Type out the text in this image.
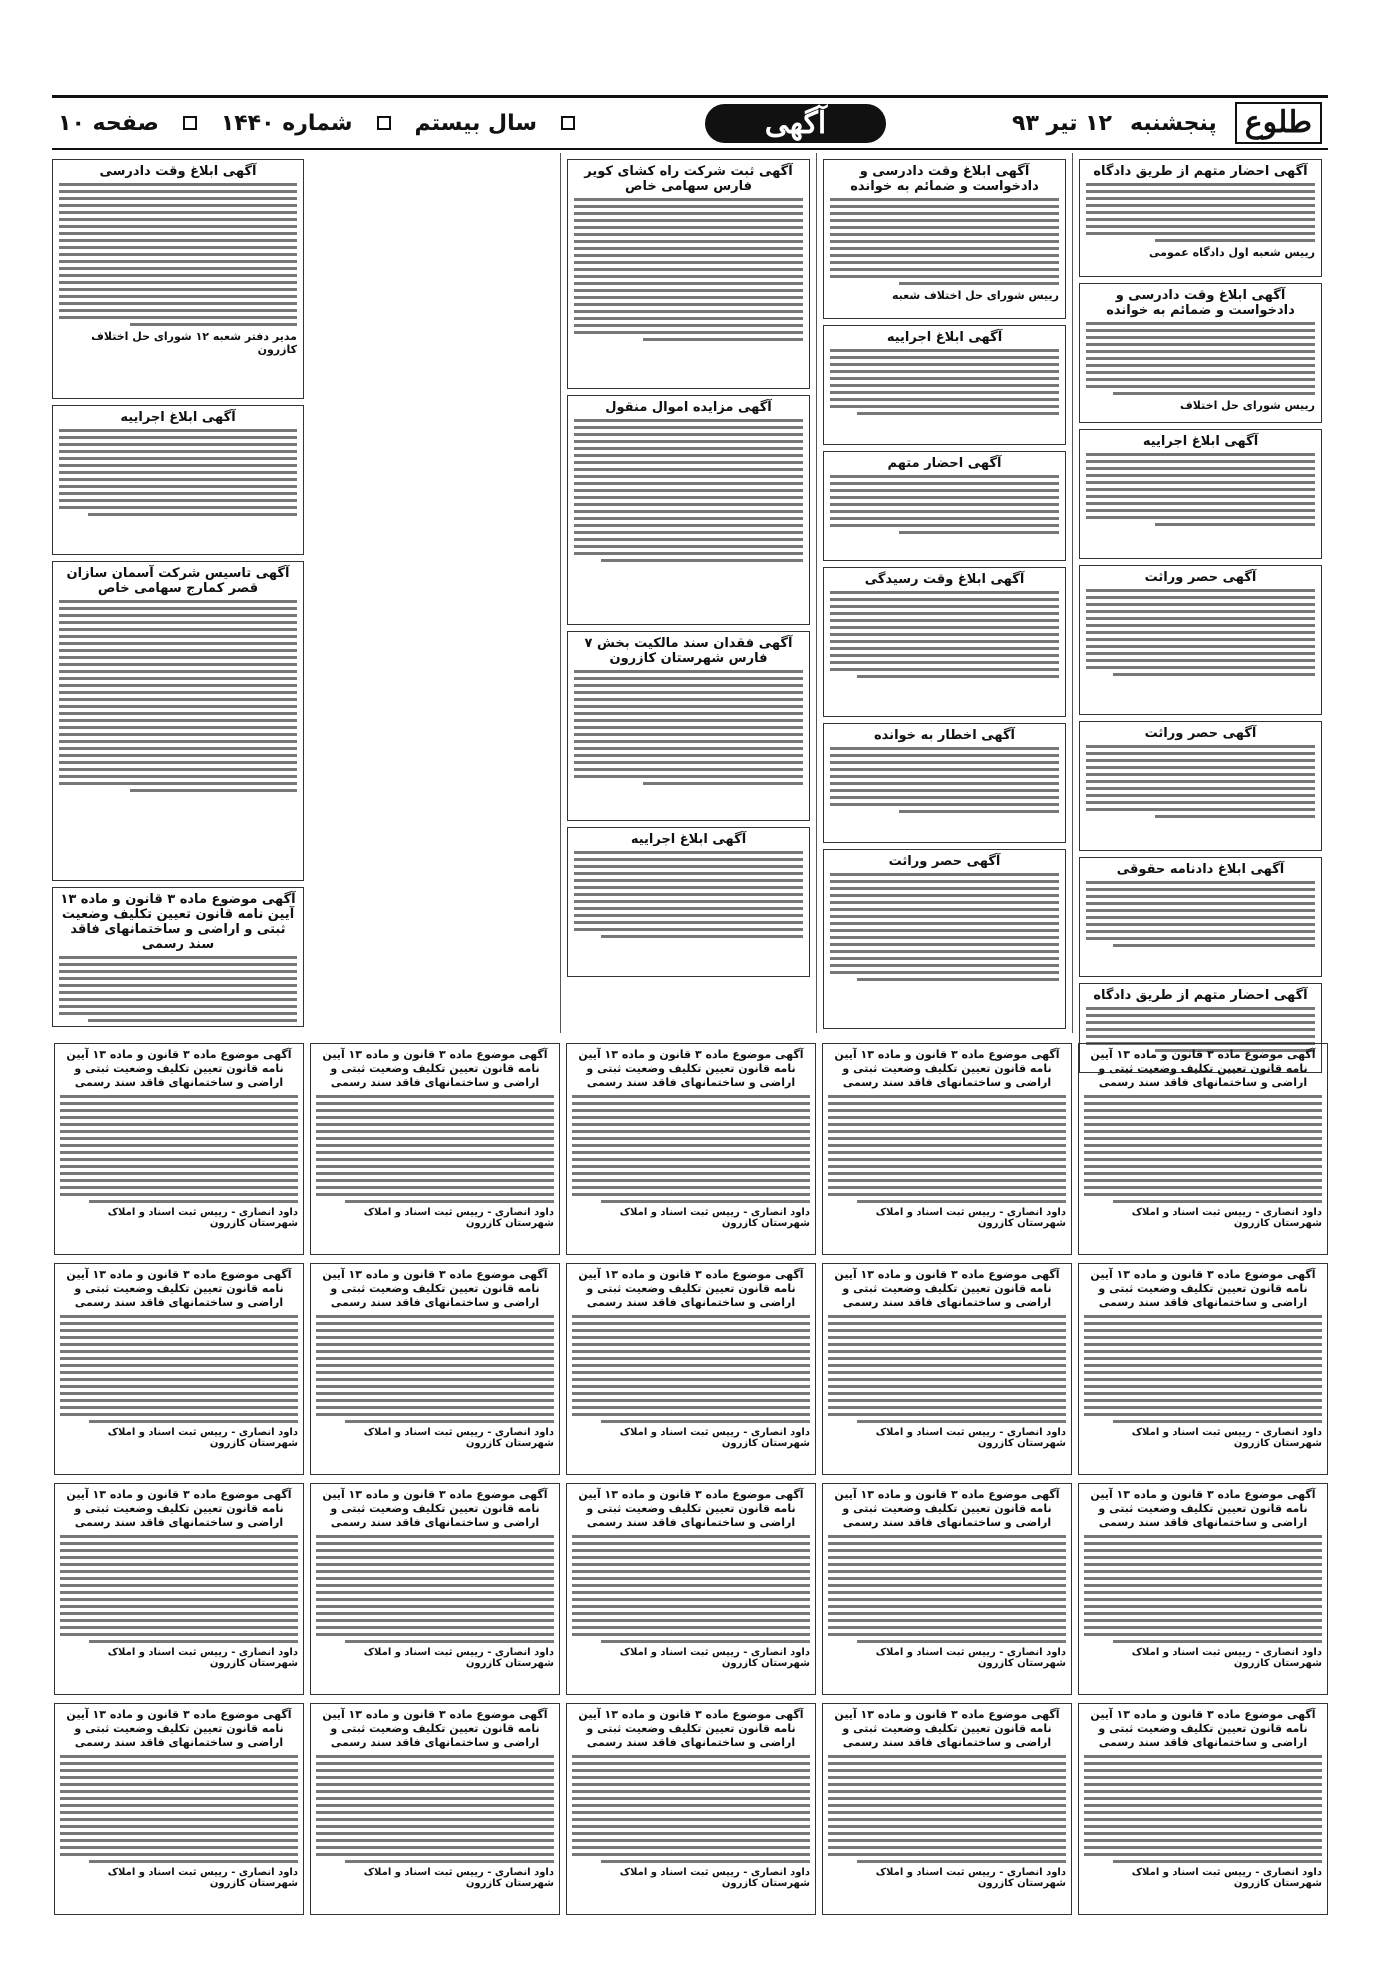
طلوع
پنجشنبه
۱۲ تیر ۹۳
آگهی
سال بیستم
شماره ۱۴۴۰
صفحه ۱۰
آگهی احضار متهم از طریق دادگاه
رییس شعبه اول دادگاه عمومی
آگهی ابلاغ وقت دادرسی و دادخواست و ضمائم به خوانده
رییس شورای حل اختلاف
آگهی ابلاغ اجراییه
آگهی حصر وراثت
آگهی حصر وراثت
آگهی ابلاغ دادنامه حقوقی
آگهی احضار متهم از طریق دادگاه
آگهی ابلاغ وقت دادرسی و دادخواست و ضمائم به خوانده
رییس شورای حل اختلاف شعبه
آگهی ابلاغ اجراییه
آگهی احضار متهم
آگهی ابلاغ وقت رسیدگی
آگهی اخطار به خوانده
آگهی حصر وراثت
آگهی ثبت شرکت راه کشای کویر فارس سهامی خاص
آگهی مزایده اموال منقول
آگهی فقدان سند مالکیت بخش ۷ فارس شهرستان کازرون
آگهی ابلاغ اجراییه
آگهی ابلاغ وقت دادرسی
مدیر دفتر شعبه ۱۲ شورای حل اختلاف کازرون
آگهی ابلاغ اجراییه
آگهی تاسیس شرکت آسمان سازان قصر کمارج سهامی خاص
آگهی موضوع ماده ۳ قانون و ماده ۱۳ آیین نامه قانون تعیین تکلیف وضعیت ثبتی و اراضی و ساختمانهای فاقد سند رسمی
آگهی موضوع ماده ۳ قانون و ماده ۱۳ آیین نامه قانون تعیین تکلیف وضعیت ثبتی و اراضی و ساختمانهای فاقد سند رسمی
داود انصاری - رییس ثبت اسناد و املاک شهرستان کازرون
آگهی موضوع ماده ۳ قانون و ماده ۱۳ آیین نامه قانون تعیین تکلیف وضعیت ثبتی و اراضی و ساختمانهای فاقد سند رسمی
داود انصاری - رییس ثبت اسناد و املاک شهرستان کازرون
آگهی موضوع ماده ۳ قانون و ماده ۱۳ آیین نامه قانون تعیین تکلیف وضعیت ثبتی و اراضی و ساختمانهای فاقد سند رسمی
داود انصاری - رییس ثبت اسناد و املاک شهرستان کازرون
آگهی موضوع ماده ۳ قانون و ماده ۱۳ آیین نامه قانون تعیین تکلیف وضعیت ثبتی و اراضی و ساختمانهای فاقد سند رسمی
داود انصاری - رییس ثبت اسناد و املاک شهرستان کازرون
آگهی موضوع ماده ۳ قانون و ماده ۱۳ آیین نامه قانون تعیین تکلیف وضعیت ثبتی و اراضی و ساختمانهای فاقد سند رسمی
داود انصاری - رییس ثبت اسناد و املاک شهرستان کازرون
آگهی موضوع ماده ۳ قانون و ماده ۱۳ آیین نامه قانون تعیین تکلیف وضعیت ثبتی و اراضی و ساختمانهای فاقد سند رسمی
داود انصاری - رییس ثبت اسناد و املاک شهرستان کازرون
آگهی موضوع ماده ۳ قانون و ماده ۱۳ آیین نامه قانون تعیین تکلیف وضعیت ثبتی و اراضی و ساختمانهای فاقد سند رسمی
داود انصاری - رییس ثبت اسناد و املاک شهرستان کازرون
آگهی موضوع ماده ۳ قانون و ماده ۱۳ آیین نامه قانون تعیین تکلیف وضعیت ثبتی و اراضی و ساختمانهای فاقد سند رسمی
داود انصاری - رییس ثبت اسناد و املاک شهرستان کازرون
آگهی موضوع ماده ۳ قانون و ماده ۱۳ آیین نامه قانون تعیین تکلیف وضعیت ثبتی و اراضی و ساختمانهای فاقد سند رسمی
داود انصاری - رییس ثبت اسناد و املاک شهرستان کازرون
آگهی موضوع ماده ۳ قانون و ماده ۱۳ آیین نامه قانون تعیین تکلیف وضعیت ثبتی و اراضی و ساختمانهای فاقد سند رسمی
داود انصاری - رییس ثبت اسناد و املاک شهرستان کازرون
آگهی موضوع ماده ۳ قانون و ماده ۱۳ آیین نامه قانون تعیین تکلیف وضعیت ثبتی و اراضی و ساختمانهای فاقد سند رسمی
داود انصاری - رییس ثبت اسناد و املاک شهرستان کازرون
آگهی موضوع ماده ۳ قانون و ماده ۱۳ آیین نامه قانون تعیین تکلیف وضعیت ثبتی و اراضی و ساختمانهای فاقد سند رسمی
داود انصاری - رییس ثبت اسناد و املاک شهرستان کازرون
آگهی موضوع ماده ۳ قانون و ماده ۱۳ آیین نامه قانون تعیین تکلیف وضعیت ثبتی و اراضی و ساختمانهای فاقد سند رسمی
داود انصاری - رییس ثبت اسناد و املاک شهرستان کازرون
آگهی موضوع ماده ۳ قانون و ماده ۱۳ آیین نامه قانون تعیین تکلیف وضعیت ثبتی و اراضی و ساختمانهای فاقد سند رسمی
داود انصاری - رییس ثبت اسناد و املاک شهرستان کازرون
آگهی موضوع ماده ۳ قانون و ماده ۱۳ آیین نامه قانون تعیین تکلیف وضعیت ثبتی و اراضی و ساختمانهای فاقد سند رسمی
داود انصاری - رییس ثبت اسناد و املاک شهرستان کازرون
آگهی موضوع ماده ۳ قانون و ماده ۱۳ آیین نامه قانون تعیین تکلیف وضعیت ثبتی و اراضی و ساختمانهای فاقد سند رسمی
داود انصاری - رییس ثبت اسناد و املاک شهرستان کازرون
آگهی موضوع ماده ۳ قانون و ماده ۱۳ آیین نامه قانون تعیین تکلیف وضعیت ثبتی و اراضی و ساختمانهای فاقد سند رسمی
داود انصاری - رییس ثبت اسناد و املاک شهرستان کازرون
آگهی موضوع ماده ۳ قانون و ماده ۱۳ آیین نامه قانون تعیین تکلیف وضعیت ثبتی و اراضی و ساختمانهای فاقد سند رسمی
داود انصاری - رییس ثبت اسناد و املاک شهرستان کازرون
آگهی موضوع ماده ۳ قانون و ماده ۱۳ آیین نامه قانون تعیین تکلیف وضعیت ثبتی و اراضی و ساختمانهای فاقد سند رسمی
داود انصاری - رییس ثبت اسناد و املاک شهرستان کازرون
آگهی موضوع ماده ۳ قانون و ماده ۱۳ آیین نامه قانون تعیین تکلیف وضعیت ثبتی و اراضی و ساختمانهای فاقد سند رسمی
داود انصاری - رییس ثبت اسناد و املاک شهرستان کازرون
